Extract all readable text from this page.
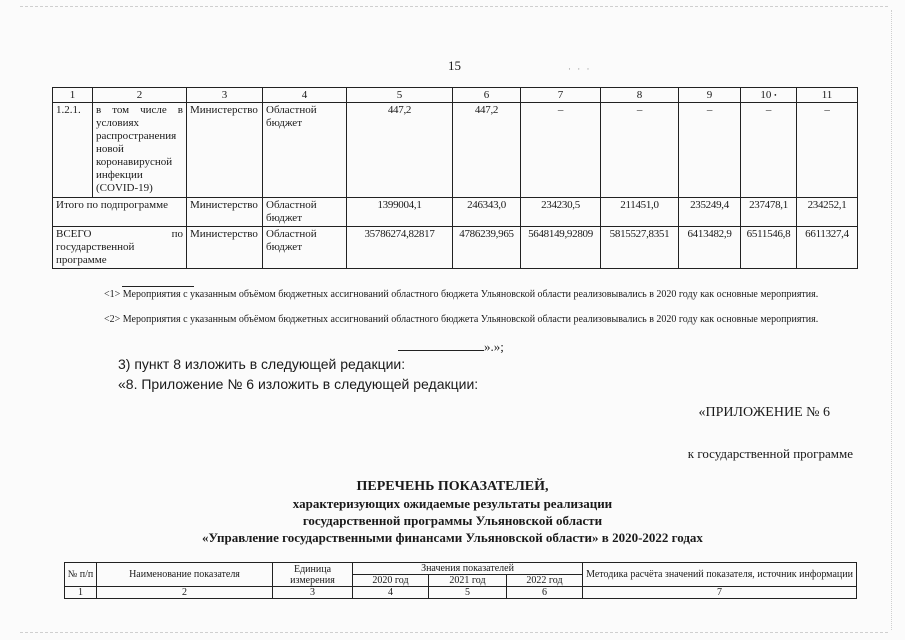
15	· · ·
1	2	3	4	5	6	7	8	9	10 •	11
1.2.1.	в том числе в условиях распространения новой коронавирусной инфекции (COVID-19)	Министерство	Областной бюджет	447,2	447,2	–	–	–	–	–
Итого по подпрограмме		Министерство	Областной бюджет	1399004,1	246343,0	234230,5	211451,0	235249,4	237478,1	234252,1
ВСЕГО по государственной программе		Министерство	Областной бюджет	35786274,82817	4786239,965	5648149,92809	5815527,8351	6413482,9	6511546,8	6611327,4
<1> Мероприятия с указанным объёмом бюджетных ассигнований областного бюджета Ульяновской области реализовывались в 2020 году как основные мероприятия.
<2> Мероприятия с указанным объёмом бюджетных ассигнований областного бюджета Ульяновской области реализовывались в 2020 году как основные мероприятия.
».»;
3) пункт 8 изложить в следующей редакции:
«8. Приложение № 6 изложить в следующей редакции:
«ПРИЛОЖЕНИЕ № 6
к государственной программе
ПЕРЕЧЕНЬ ПОКАЗАТЕЛЕЙ,
характеризующих ожидаемые результаты реализации
государственной программы Ульяновской области
«Управление государственными финансами Ульяновской области» в 2020-2022 годах
№ п/п	Наименование показателя	Единица измерения	Значения показателей			Методика расчёта значений показателя, источник информации
			2020 год	2021 год	2022 год	
1	2	3	4	5	6	7
